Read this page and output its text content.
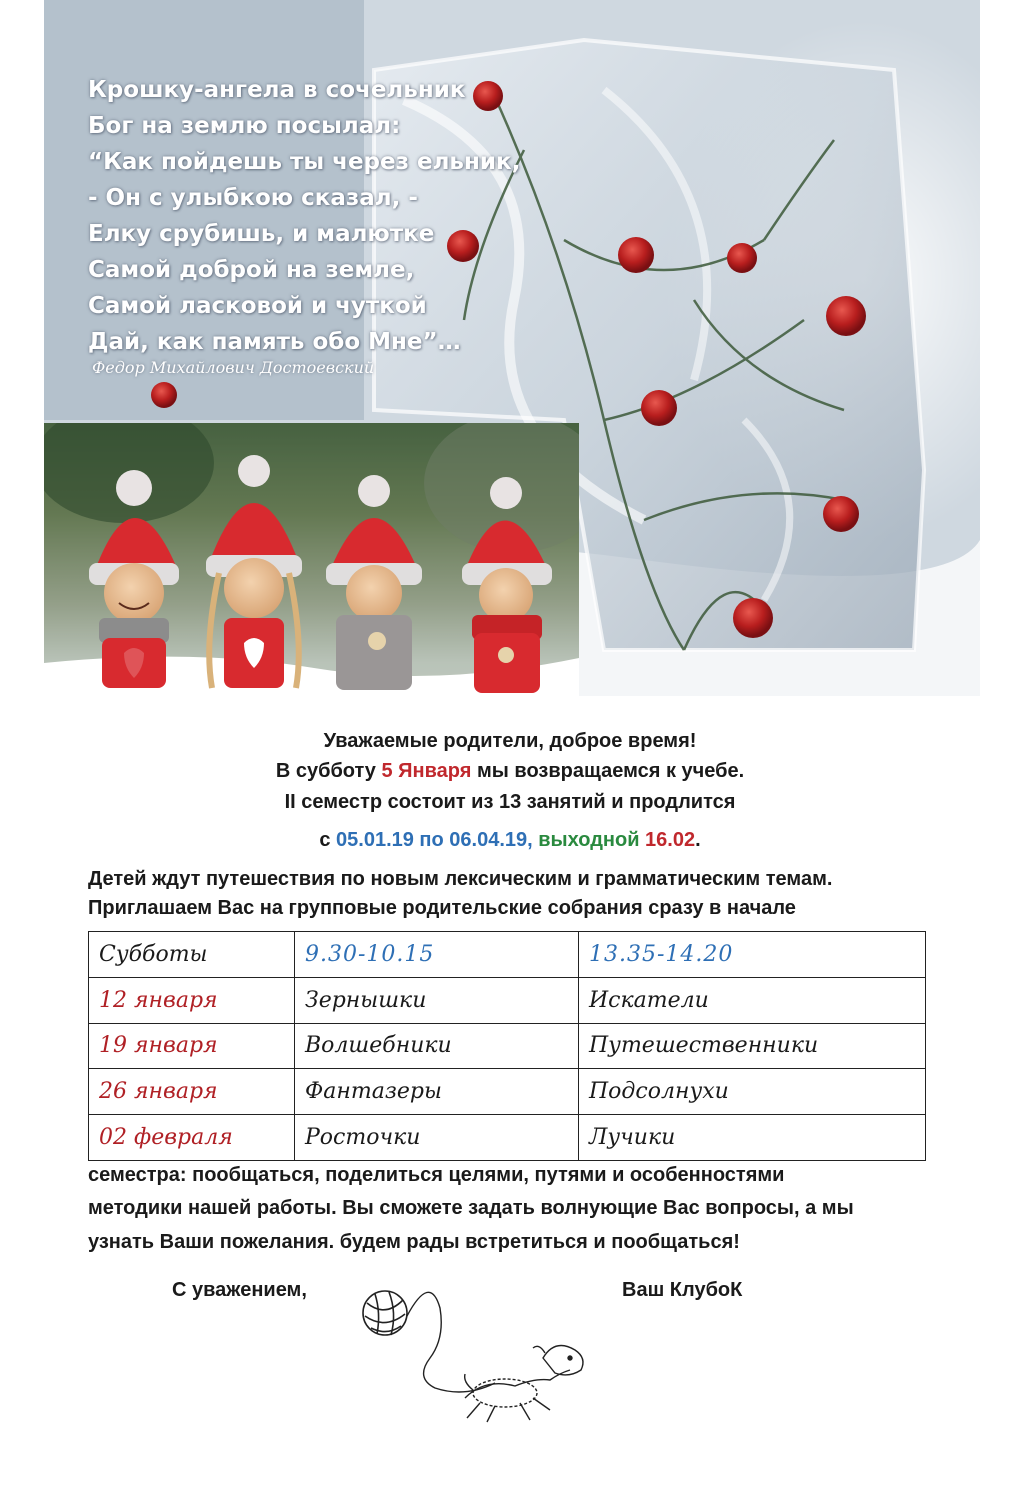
Крошку-ангела в сочельник
Бог на землю посылал:
“Как пойдешь ты через ельник,
- Он с улыбкою сказал, -
Елку срубишь, и малютке
Самой доброй на земле,
Самой ласковой и чуткой
Дай, как память обо Мне”…
Федор Михайлович Достоевский
Уважаемые родители, доброе время!
В субботу 5 Января мы возвращаемся к учебе.
II семестр состоит из 13 занятий и продлится
с 05.01.19 по 06.04.19, выходной 16.02.
Детей ждут путешествия по новым лексическим и грамматическим темам.
Приглашаем Вас на групповые родительские собрания сразу в начале
Субботы	9.30-10.15	13.35-14.20
12 января	Зернышки	Искатели
19 января	Волшебники	Путешественники
26 января	Фантазеры	Подсолнухи
02 февраля	Росточки	Лучики
семестра: пообщаться, поделиться целями, путями и особенностями
методики нашей работы. Вы сможете задать волнующие Вас вопросы, а мы
узнать Ваши пожелания. будем рады встретиться и пообщаться!
С уважением,	Ваш КлубоК
